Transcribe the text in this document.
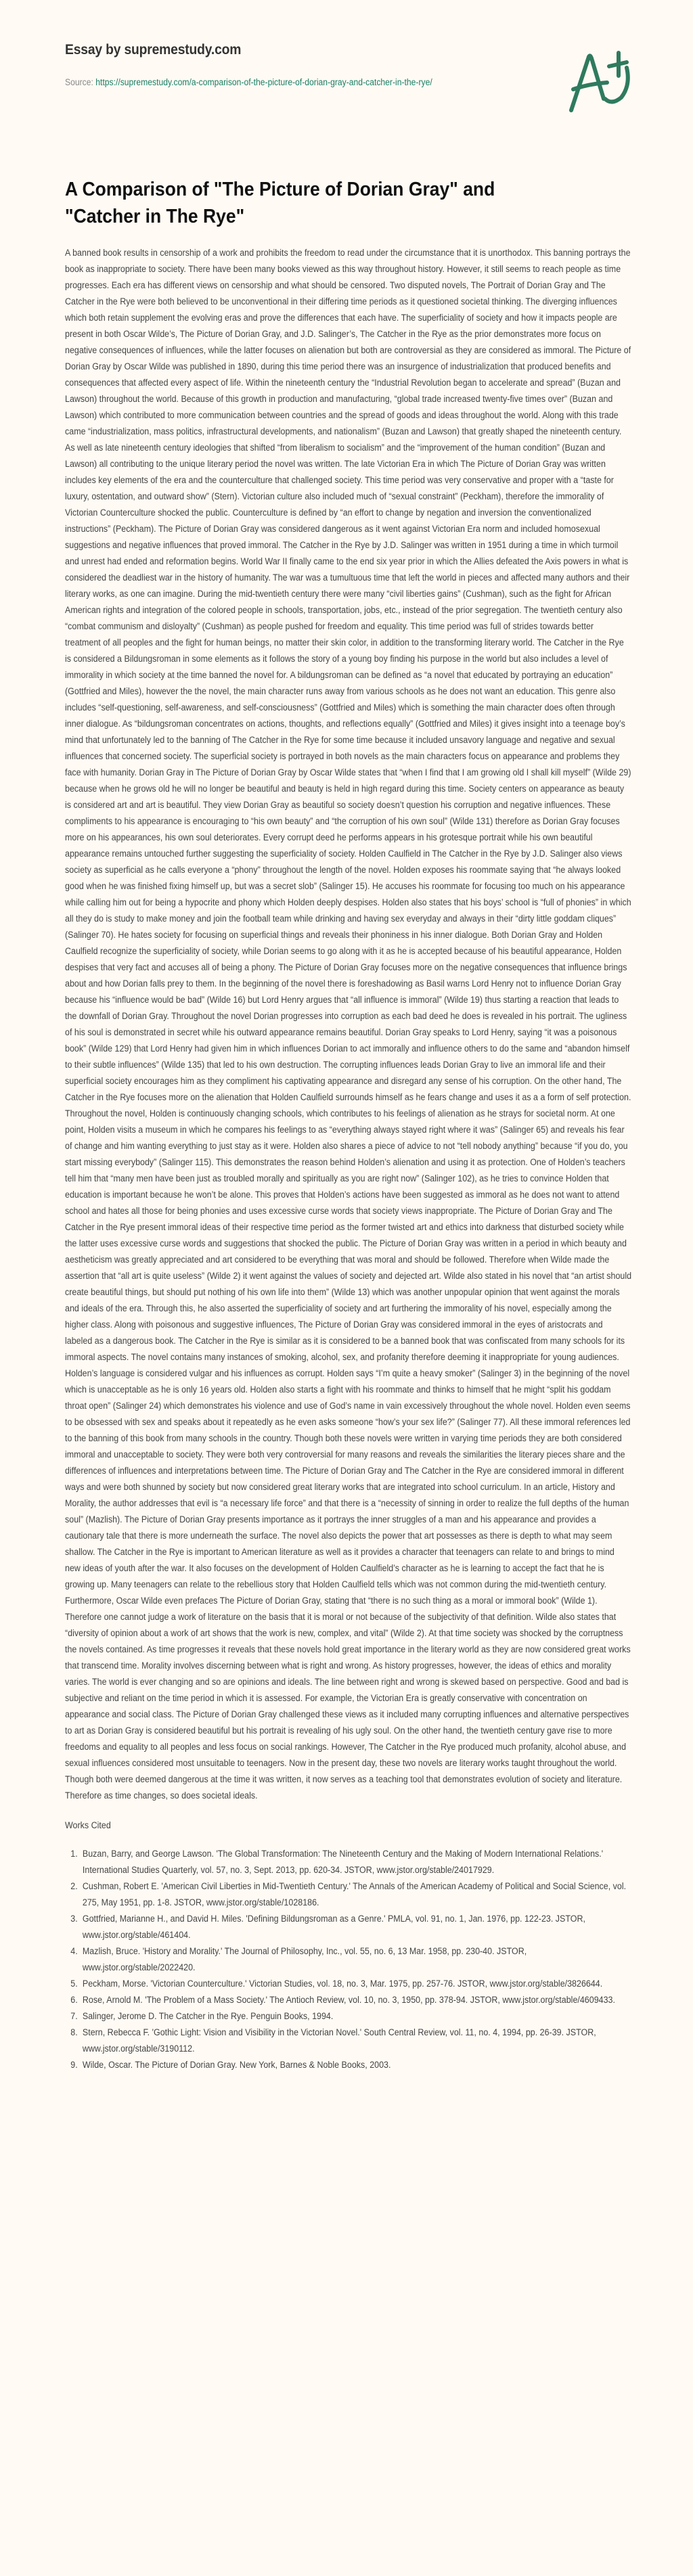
Essay by supremestudy.com
Source: https://supremestudy.com/a-comparison-of-the-picture-of-dorian-gray-and-catcher-in-the-rye/
A Comparison of "The Picture of Dorian Gray" and "Catcher in The Rye"

A banned book results in censorship of a work and prohibits the freedom to read under the circumstance that it is unorthodox. This banning portrays the book as inappropriate to society. There have been many books viewed as this way throughout history. However, it still seems to reach people as time progresses. Each era has different views on censorship and what should be censored. Two disputed novels, The Portrait of Dorian Gray and The Catcher in the Rye were both believed to be unconventional in their differing time periods as it questioned societal thinking. The diverging influences which both retain supplement the evolving eras and prove the differences that each have. The superficiality of society and how it impacts people are present in both Oscar Wilde’s, The Picture of Dorian Gray, and J.D. Salinger’s, The Catcher in the Rye as the prior demonstrates more focus on negative consequences of influences, while the latter focuses on alienation but both are controversial as they are considered as immoral. The Picture of Dorian Gray by Oscar Wilde was published in 1890, during this time period there was an insurgence of industrialization that produced benefits and consequences that affected every aspect of life. Within the nineteenth century the “Industrial Revolution began to accelerate and spread” (Buzan and Lawson) throughout the world. Because of this growth in production and manufacturing, “global trade increased twenty-five times over” (Buzan and Lawson) which contributed to more communication between countries and the spread of goods and ideas throughout the world. Along with this trade came “industrialization, mass politics, infrastructural developments, and nationalism” (Buzan and Lawson) that greatly shaped the nineteenth century. As well as late nineteenth century ideologies that shifted “from liberalism to socialism” and the “improvement of the human condition” (Buzan and Lawson) all contributing to the unique literary period the novel was written. The late Victorian Era in which The Picture of Dorian Gray was written includes key elements of the era and the counterculture that challenged society. This time period was very conservative and proper with a “taste for luxury, ostentation, and outward show” (Stern). Victorian culture also included much of “sexual constraint” (Peckham), therefore the immorality of Victorian Counterculture shocked the public. Counterculture is defined by “an effort to change by negation and inversion the conventionalized instructions” (Peckham). The Picture of Dorian Gray was considered dangerous as it went against Victorian Era norm and included homosexual suggestions and negative influences that proved immoral. The Catcher in the Rye by J.D. Salinger was written in 1951 during a time in which turmoil and unrest had ended and reformation begins. World War II finally came to the end six year prior in which the Allies defeated the Axis powers in what is considered the deadliest war in the history of humanity. The war was a tumultuous time that left the world in pieces and affected many authors and their literary works, as one can imagine. During the mid-twentieth century there were many “civil liberties gains” (Cushman), such as the fight for African American rights and integration of the colored people in schools, transportation, jobs, etc., instead of the prior segregation. The twentieth century also “combat communism and disloyalty” (Cushman) as people pushed for freedom and equality. This time period was full of strides towards better treatment of all peoples and the fight for human beings, no matter their skin color, in addition to the transforming literary world. The Catcher in the Rye is considered a Bildungsroman in some elements as it follows the story of a young boy finding his purpose in the world but also includes a level of immorality in which society at the time banned the novel for. A bildungsroman can be defined as “a novel that educated by portraying an education” (Gottfried and Miles), however the the novel, the main character runs away from various schools as he does not want an education. This genre also includes “self-questioning, self-awareness, and self-consciousness” (Gottfried and Miles) which is something the main character does often through inner dialogue. As “bildungsroman concentrates on actions, thoughts, and reflections equally” (Gottfried and Miles) it gives insight into a teenage boy’s mind that unfortunately led to the banning of The Catcher in the Rye for some time because it included unsavory language and negative and sexual influences that concerned society. The superficial society is portrayed in both novels as the main characters focus on appearance and problems they face with humanity. Dorian Gray in The Picture of Dorian Gray by Oscar Wilde states that “when I find that I am growing old I shall kill myself” (Wilde 29) because when he grows old he will no longer be beautiful and beauty is held in high regard during this time. Society centers on appearance as beauty is considered art and art is beautiful. They view Dorian Gray as beautiful so society doesn’t question his corruption and negative influences. These compliments to his appearance is encouraging to “his own beauty” and “the corruption of his own soul” (Wilde 131) therefore as Dorian Gray focuses more on his appearances, his own soul deteriorates. Every corrupt deed he performs appears in his grotesque portrait while his own beautiful appearance remains untouched further suggesting the superficiality of society. Holden Caulfield in The Catcher in the Rye by J.D. Salinger also views society as superficial as he calls everyone a “phony” throughout the length of the novel. Holden exposes his roommate saying that “he always looked good when he was finished fixing himself up, but was a secret slob” (Salinger 15). He accuses his roommate for focusing too much on his appearance while calling him out for being a hypocrite and phony which Holden deeply despises. Holden also states that his boys’ school is “full of phonies” in which all they do is study to make money and join the football team while drinking and having sex everyday and always in their “dirty little goddam cliques” (Salinger 70). He hates society for focusing on superficial things and reveals their phoniness in his inner dialogue. Both Dorian Gray and Holden Caulfield recognize the superficiality of society, while Dorian seems to go along with it as he is accepted because of his beautiful appearance, Holden despises that very fact and accuses all of being a phony. The Picture of Dorian Gray focuses more on the negative consequences that influence brings about and how Dorian falls prey to them. In the beginning of the novel there is foreshadowing as Basil warns Lord Henry not to influence Dorian Gray because his “influence would be bad” (Wilde 16) but Lord Henry argues that “all influence is immoral” (Wilde 19) thus starting a reaction that leads to the downfall of Dorian Gray. Throughout the novel Dorian progresses into corruption as each bad deed he does is revealed in his portrait. The ugliness of his soul is demonstrated in secret while his outward appearance remains beautiful. Dorian Gray speaks to Lord Henry, saying “it was a poisonous book” (Wilde 129) that Lord Henry had given him in which influences Dorian to act immorally and influence others to do the same and “abandon himself to their subtle influences” (Wilde 135) that led to his own destruction. The corrupting influences leads Dorian Gray to live an immoral life and their superficial society encourages him as they compliment his captivating appearance and disregard any sense of his corruption. On the other hand, The Catcher in the Rye focuses more on the alienation that Holden Caulfield surrounds himself as he fears change and uses it as a a form of self protection. Throughout the novel, Holden is continuously changing schools, which contributes to his feelings of alienation as he strays for societal norm. At one point, Holden visits a museum in which he compares his feelings to as “everything always stayed right where it was” (Salinger 65) and reveals his fear of change and him wanting everything to just stay as it were. Holden also shares a piece of advice to not “tell nobody anything” because “if you do, you start missing everybody” (Salinger 115). This demonstrates the reason behind Holden’s alienation and using it as protection. One of Holden’s teachers tell him that “many men have been just as troubled morally and spiritually as you are right now” (Salinger 102), as he tries to convince Holden that education is important because he won’t be alone. This proves that Holden’s actions have been suggested as immoral as he does not want to attend school and hates all those for being phonies and uses excessive curse words that society views inappropriate. The Picture of Dorian Gray and The Catcher in the Rye present immoral ideas of their respective time period as the former twisted art and ethics into darkness that disturbed society while the latter uses excessive curse words and suggestions that shocked the public. The Picture of Dorian Gray was written in a period in which beauty and aestheticism was greatly appreciated and art considered to be everything that was moral and should be followed. Therefore when Wilde made the assertion that “all art is quite useless” (Wilde 2) it went against the values of society and dejected art. Wilde also stated in his novel that “an artist should create beautiful things, but should put nothing of his own life into them” (Wilde 13) which was another unpopular opinion that went against the morals and ideals of the era. Through this, he also asserted the superficiality of society and art furthering the immorality of his novel, especially among the higher class. Along with poisonous and suggestive influences, The Picture of Dorian Gray was considered immoral in the eyes of aristocrats and labeled as a dangerous book. The Catcher in the Rye is similar as it is considered to be a banned book that was confiscated from many schools for its immoral aspects. The novel contains many instances of smoking, alcohol, sex, and profanity therefore deeming it inappropriate for young audiences. Holden’s language is considered vulgar and his influences as corrupt. Holden says “I’m quite a heavy smoker” (Salinger 3) in the beginning of the novel which is unacceptable as he is only 16 years old. Holden also starts a fight with his roommate and thinks to himself that he might “split his goddam throat open” (Salinger 24) which demonstrates his violence and use of God’s name in vain excessively throughout the whole novel. Holden even seems to be obsessed with sex and speaks about it repeatedly as he even asks someone “how’s your sex life?” (Salinger 77). All these immoral references led to the banning of this book from many schools in the country. Though both these novels were written in varying time periods they are both considered immoral and unacceptable to society. They were both very controversial for many reasons and reveals the similarities the literary pieces share and the differences of influences and interpretations between time. The Picture of Dorian Gray and The Catcher in the Rye are considered immoral in different ways and were both shunned by society but now considered great literary works that are integrated into school curriculum. In an article, History and Morality, the author addresses that evil is “a necessary life force” and that there is a “necessity of sinning in order to realize the full depths of the human soul” (Mazlish). The Picture of Dorian Gray presents importance as it portrays the inner struggles of a man and his appearance and provides a cautionary tale that there is more underneath the surface. The novel also depicts the power that art possesses as there is depth to what may seem shallow. The Catcher in the Rye is important to American literature as well as it provides a character that teenagers can relate to and brings to mind new ideas of youth after the war. It also focuses on the development of Holden Caulfield’s character as he is learning to accept the fact that he is growing up. Many teenagers can relate to the rebellious story that Holden Caulfield tells which was not common during the mid-twentieth century. Furthermore, Oscar Wilde even prefaces The Picture of Dorian Gray, stating that “there is no such thing as a moral or immoral book” (Wilde 1). Therefore one cannot judge a work of literature on the basis that it is moral or not because of the subjectivity of that definition. Wilde also states that “diversity of opinion about a work of art shows that the work is new, complex, and vital” (Wilde 2). At that time society was shocked by the corruptness the novels contained. As time progresses it reveals that these novels hold great importance in the literary world as they are now considered great works that transcend time. Morality involves discerning between what is right and wrong. As history progresses, however, the ideas of ethics and morality varies. The world is ever changing and so are opinions and ideals. The line between right and wrong is skewed based on perspective. Good and bad is subjective and reliant on the time period in which it is assessed. For example, the Victorian Era is greatly conservative with concentration on appearance and social class. The Picture of Dorian Gray challenged these views as it included many corrupting influences and alternative perspectives to art as Dorian Gray is considered beautiful but his portrait is revealing of his ugly soul. On the other hand, the twentieth century gave rise to more freedoms and equality to all peoples and less focus on social rankings. However, The Catcher in the Rye produced much profanity, alcohol abuse, and sexual influences considered most unsuitable to teenagers. Now in the present day, these two novels are literary works taught throughout the world. Though both were deemed dangerous at the time it was written, it now serves as a teaching tool that demonstrates evolution of society and literature. Therefore as time changes, so does societal ideals.

Works Cited

1. Buzan, Barry, and George Lawson. 'The Global Transformation: The Nineteenth Century and the Making of Modern International Relations.' International Studies Quarterly, vol. 57, no. 3, Sept. 2013, pp. 620-34. JSTOR, www.jstor.org/stable/24017929.
2. Cushman, Robert E. 'American Civil Liberties in Mid-Twentieth Century.' The Annals of the American Academy of Political and Social Science, vol. 275, May 1951, pp. 1-8. JSTOR, www.jstor.org/stable/1028186.
3. Gottfried, Marianne H., and David H. Miles. 'Defining Bildungsroman as a Genre.' PMLA, vol. 91, no. 1, Jan. 1976, pp. 122-23. JSTOR, www.jstor.org/stable/461404.
4. Mazlish, Bruce. 'History and Morality.' The Journal of Philosophy, Inc., vol. 55, no. 6, 13 Mar. 1958, pp. 230-40. JSTOR, www.jstor.org/stable/2022420.
5. Peckham, Morse. 'Victorian Counterculture.' Victorian Studies, vol. 18, no. 3, Mar. 1975, pp. 257-76. JSTOR, www.jstor.org/stable/3826644.
6. Rose, Arnold M. 'The Problem of a Mass Society.' The Antioch Review, vol. 10, no. 3, 1950, pp. 378-94. JSTOR, www.jstor.org/stable/4609433.
7. Salinger, Jerome D. The Catcher in the Rye. Penguin Books, 1994.
8. Stern, Rebecca F. 'Gothic Light: Vision and Visibility in the Victorian Novel.' South Central Review, vol. 11, no. 4, 1994, pp. 26-39. JSTOR, www.jstor.org/stable/3190112.
9. Wilde, Oscar. The Picture of Dorian Gray. New York, Barnes & Noble Books, 2003.
